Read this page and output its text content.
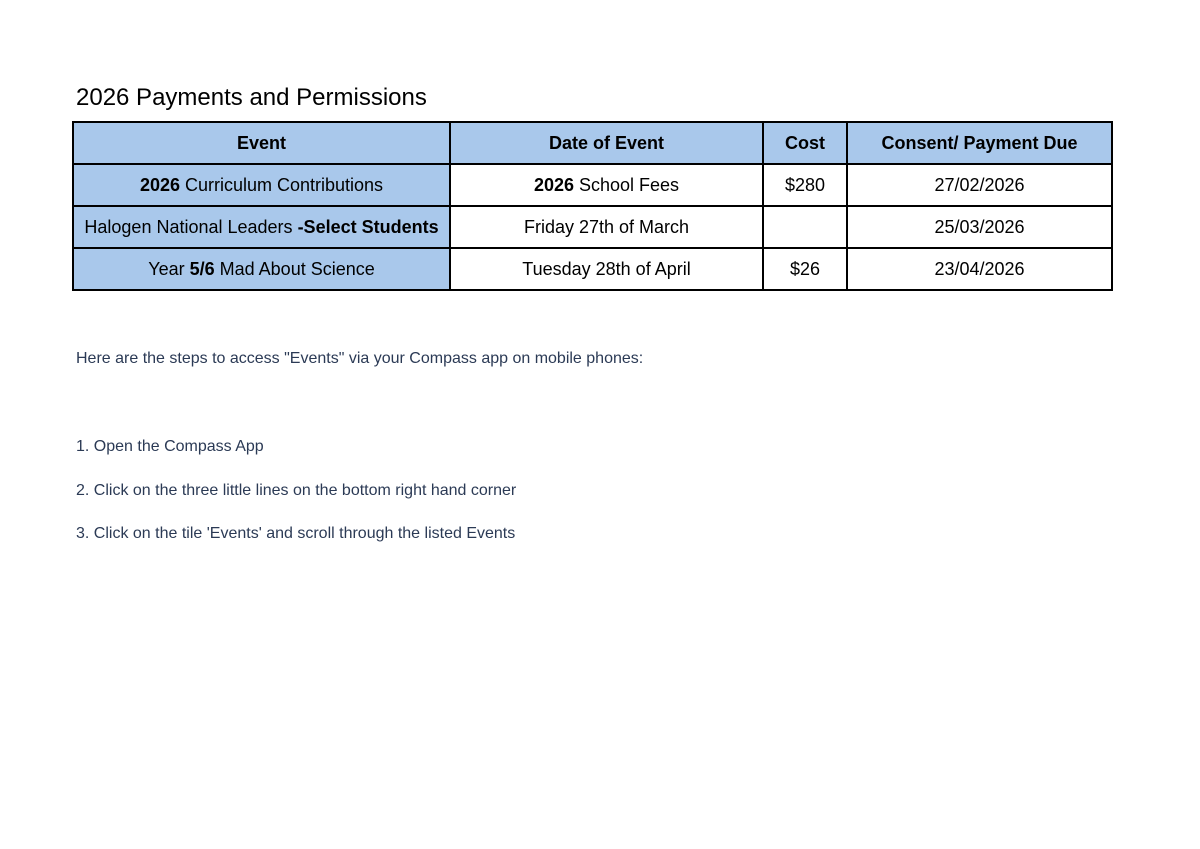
2026 Payments and Permissions
Event	Date of Event	Cost	Consent/ Payment Due
2026 Curriculum Contributions	2026 School Fees	$280	27/02/2026
Halogen National Leaders -Select Students	Friday 27th of March		25/03/2026
Year 5/6 Mad About Science	Tuesday 28th of April	$26	23/04/2026

Here are the steps to access "Events" via your Compass app on mobile phones:

1. Open the Compass App
2. Click on the three little lines on the bottom right hand corner
3. Click on the tile 'Events' and scroll through the listed Events
